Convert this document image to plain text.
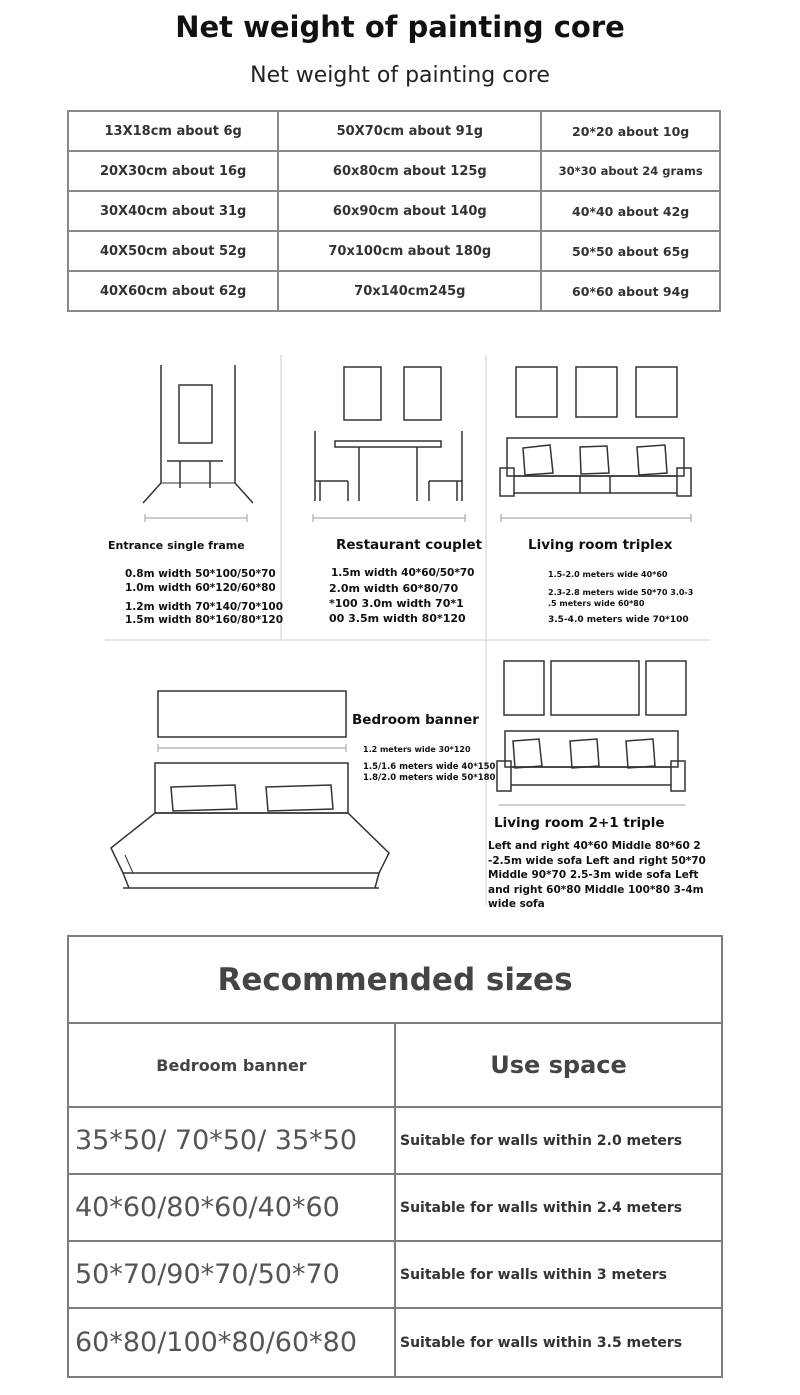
Net weight of painting core
Net weight of painting core
13X18cm about 6g	50X70cm about 91g	20*20 about 10g
20X30cm about 16g	60x80cm about 125g	30*30 about 24 grams
30X40cm about 31g	60x90cm about 140g	40*40 about 42g
40X50cm about 52g	70x100cm about 180g	50*50 about 65g
40X60cm about 62g	70x140cm245g	60*60 about 94g
Entrance single frame
0.8m width 50*100/50*70
1.0m width 60*120/60*80
1.2m width 70*140/70*100
1.5m width 80*160/80*120
Restaurant couplet
1.5m width 40*60/50*70
2.0m width 60*80/70
*100 3.0m width 70*1
00 3.5m width 80*120
Living room triplex
1.5-2.0 meters wide 40*60
2.3-2.8 meters wide 50*70 3.0-3
.5 meters wide 60*80
3.5-4.0 meters wide 70*100
Bedroom banner
1.2 meters wide 30*120
1.5/1.6 meters wide 40*150
1.8/2.0 meters wide 50*180
Living room 2+1 triple
Left and right 40*60 Middle 80*60 2 -2.5m wide sofa Left and right 50*70 Middle 90*70 2.5-3m wide sofa Left and right 60*80 Middle 100*80 3-4m wide sofa
Recommended sizes
Bedroom banner	Use space
35*50/ 70*50/ 35*50	Suitable for walls within 2.0 meters
40*60/80*60/40*60	Suitable for walls within 2.4 meters
50*70/90*70/50*70	Suitable for walls within 3 meters
60*80/100*80/60*80	Suitable for walls within 3.5 meters
